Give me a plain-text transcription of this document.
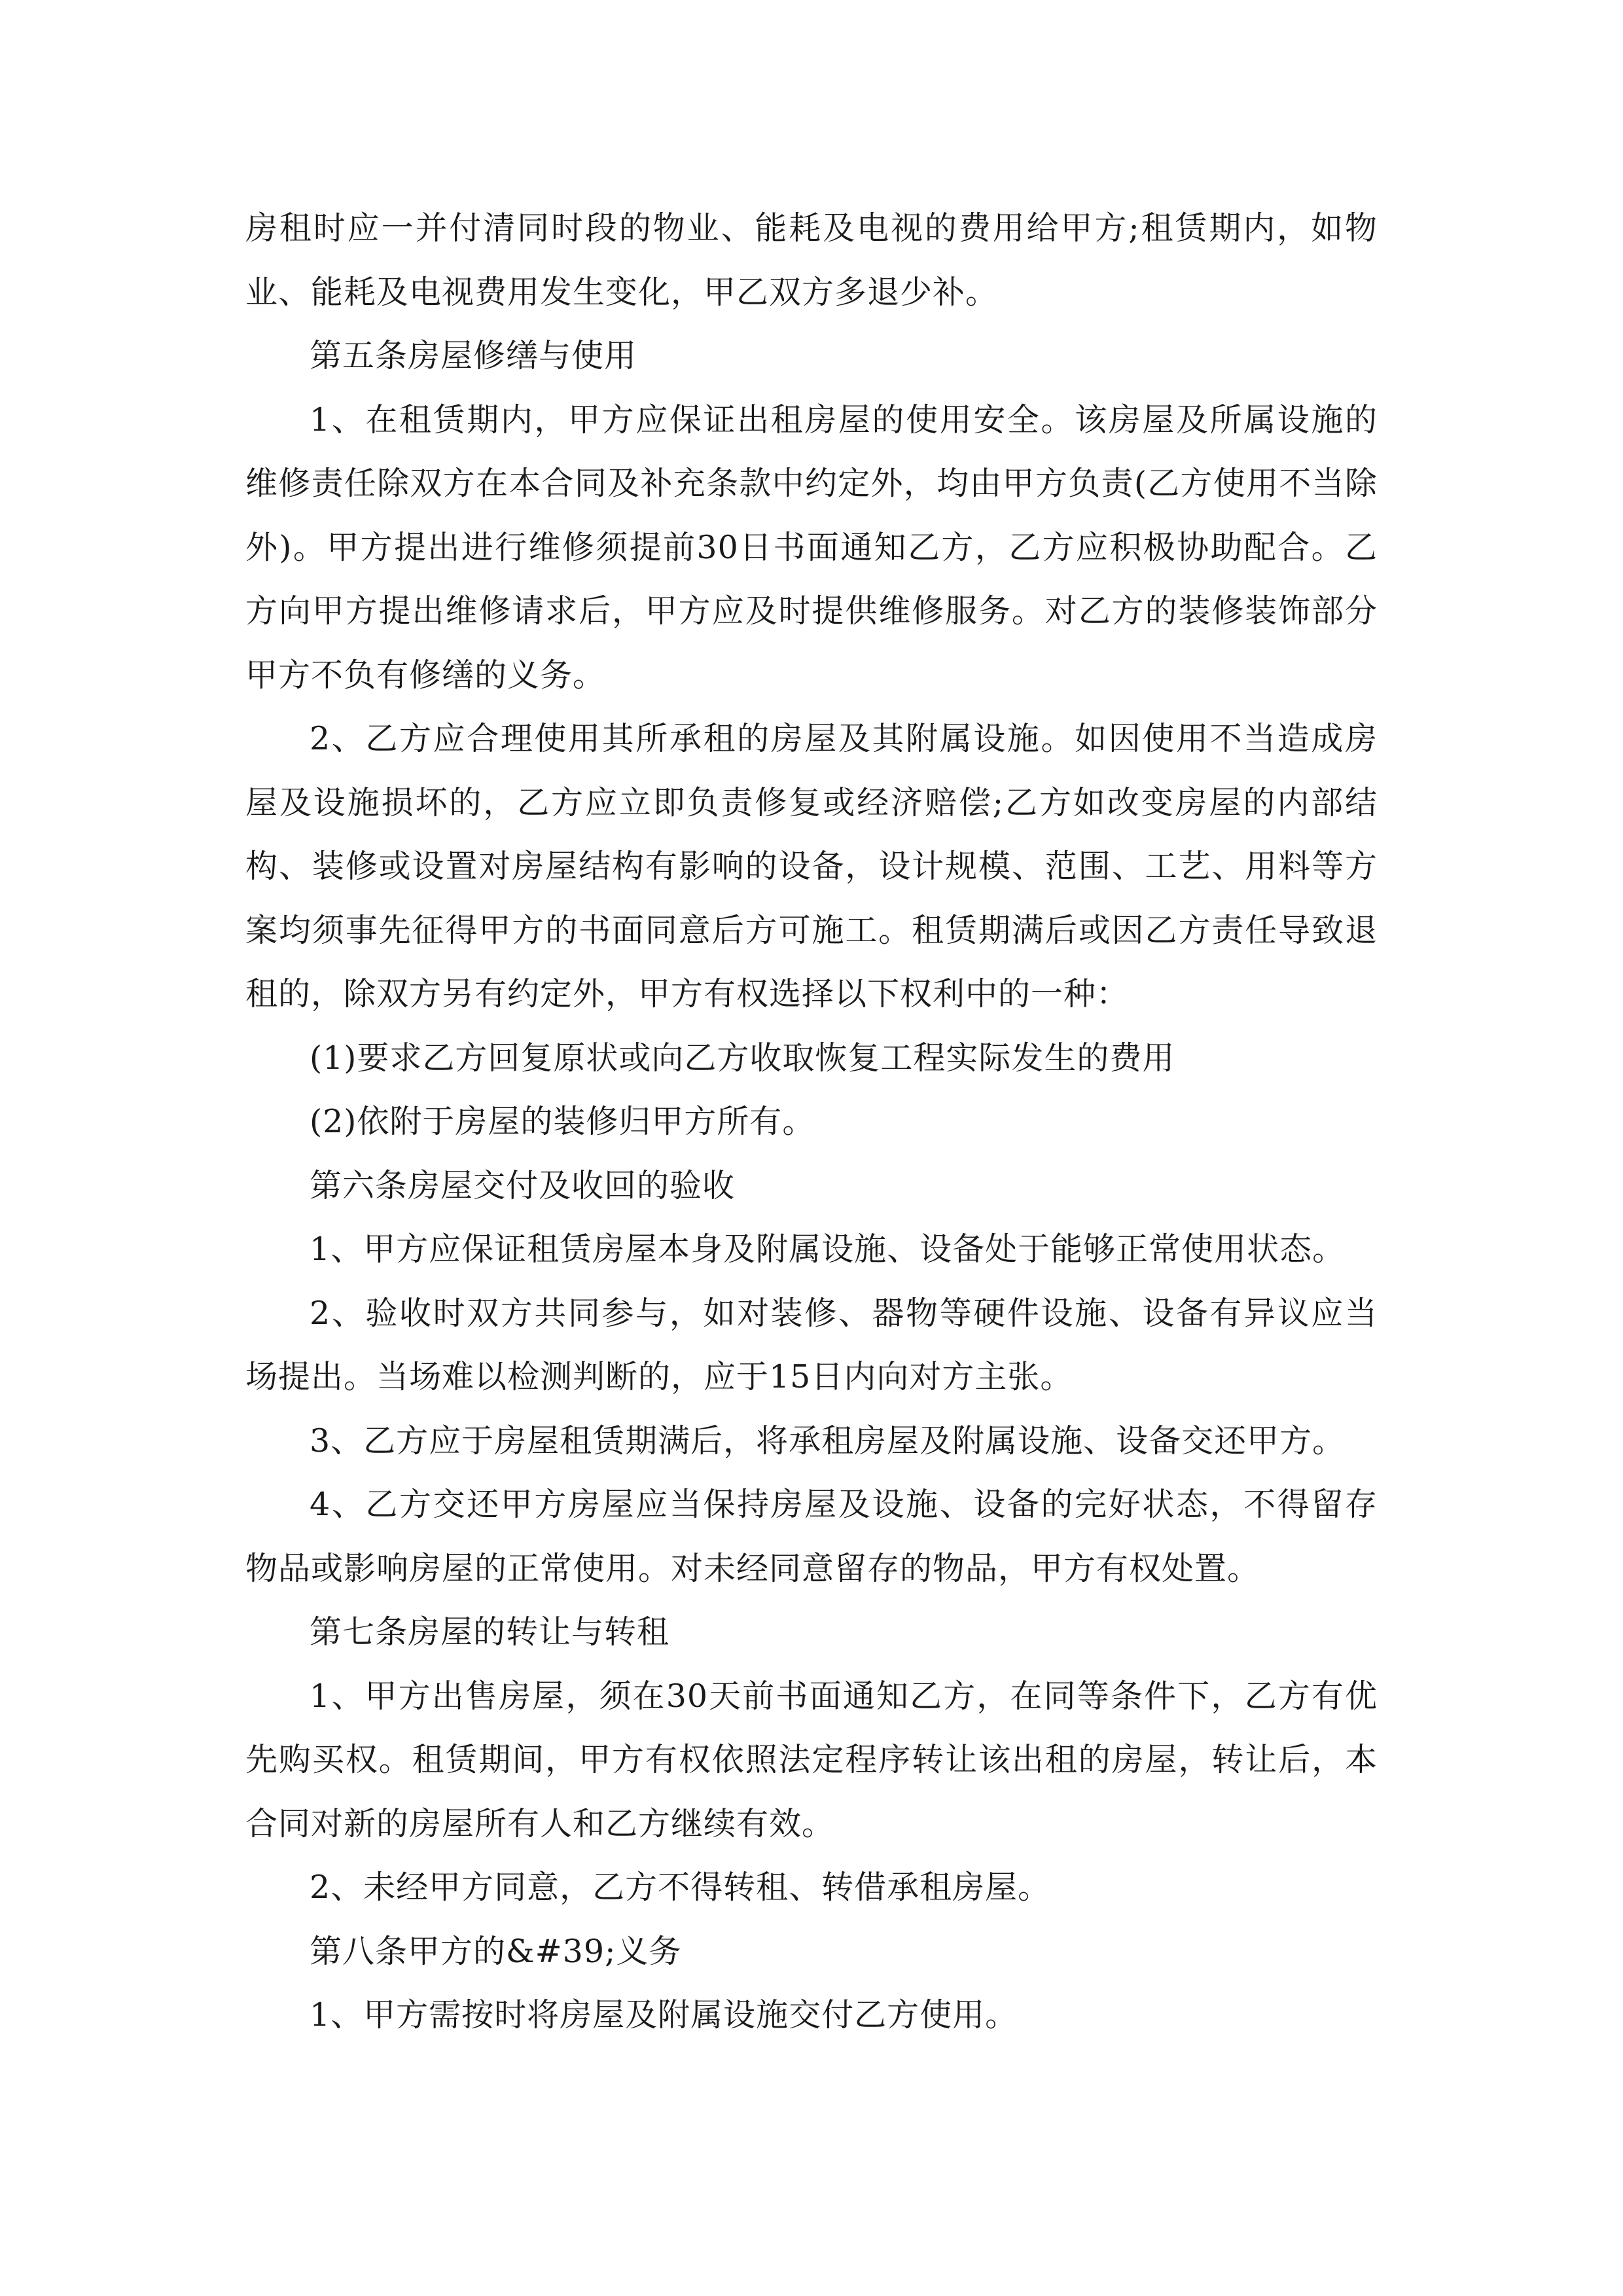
房租时应一并付清同时段的物业、能耗及电视的费用给甲方;租赁期内，如物业、能耗及电视费用发生变化，甲乙双方多退少补。

第五条房屋修缮与使用

1、在租赁期内，甲方应保证出租房屋的使用安全。该房屋及所属设施的维修责任除双方在本合同及补充条款中约定外，均由甲方负责(乙方使用不当除外)。甲方提出进行维修须提前30日书面通知乙方，乙方应积极协助配合。乙方向甲方提出维修请求后，甲方应及时提供维修服务。对乙方的装修装饰部分甲方不负有修缮的义务。

2、乙方应合理使用其所承租的房屋及其附属设施。如因使用不当造成房屋及设施损坏的，乙方应立即负责修复或经济赔偿;乙方如改变房屋的内部结构、装修或设置对房屋结构有影响的设备，设计规模、范围、工艺、用料等方案均须事先征得甲方的书面同意后方可施工。租赁期满后或因乙方责任导致退租的，除双方另有约定外，甲方有权选择以下权利中的一种：

(1)要求乙方回复原状或向乙方收取恢复工程实际发生的费用

(2)依附于房屋的装修归甲方所有。

第六条房屋交付及收回的验收

1、甲方应保证租赁房屋本身及附属设施、设备处于能够正常使用状态。

2、验收时双方共同参与，如对装修、器物等硬件设施、设备有异议应当场提出。当场难以检测判断的，应于15日内向对方主张。

3、乙方应于房屋租赁期满后，将承租房屋及附属设施、设备交还甲方。

4、乙方交还甲方房屋应当保持房屋及设施、设备的完好状态，不得留存物品或影响房屋的正常使用。对未经同意留存的物品，甲方有权处置。

第七条房屋的转让与转租

1、甲方出售房屋，须在30天前书面通知乙方，在同等条件下，乙方有优先购买权。租赁期间，甲方有权依照法定程序转让该出租的房屋，转让后，本合同对新的房屋所有人和乙方继续有效。

2、未经甲方同意，乙方不得转租、转借承租房屋。

第八条甲方的&#39;义务

1、甲方需按时将房屋及附属设施交付乙方使用。
